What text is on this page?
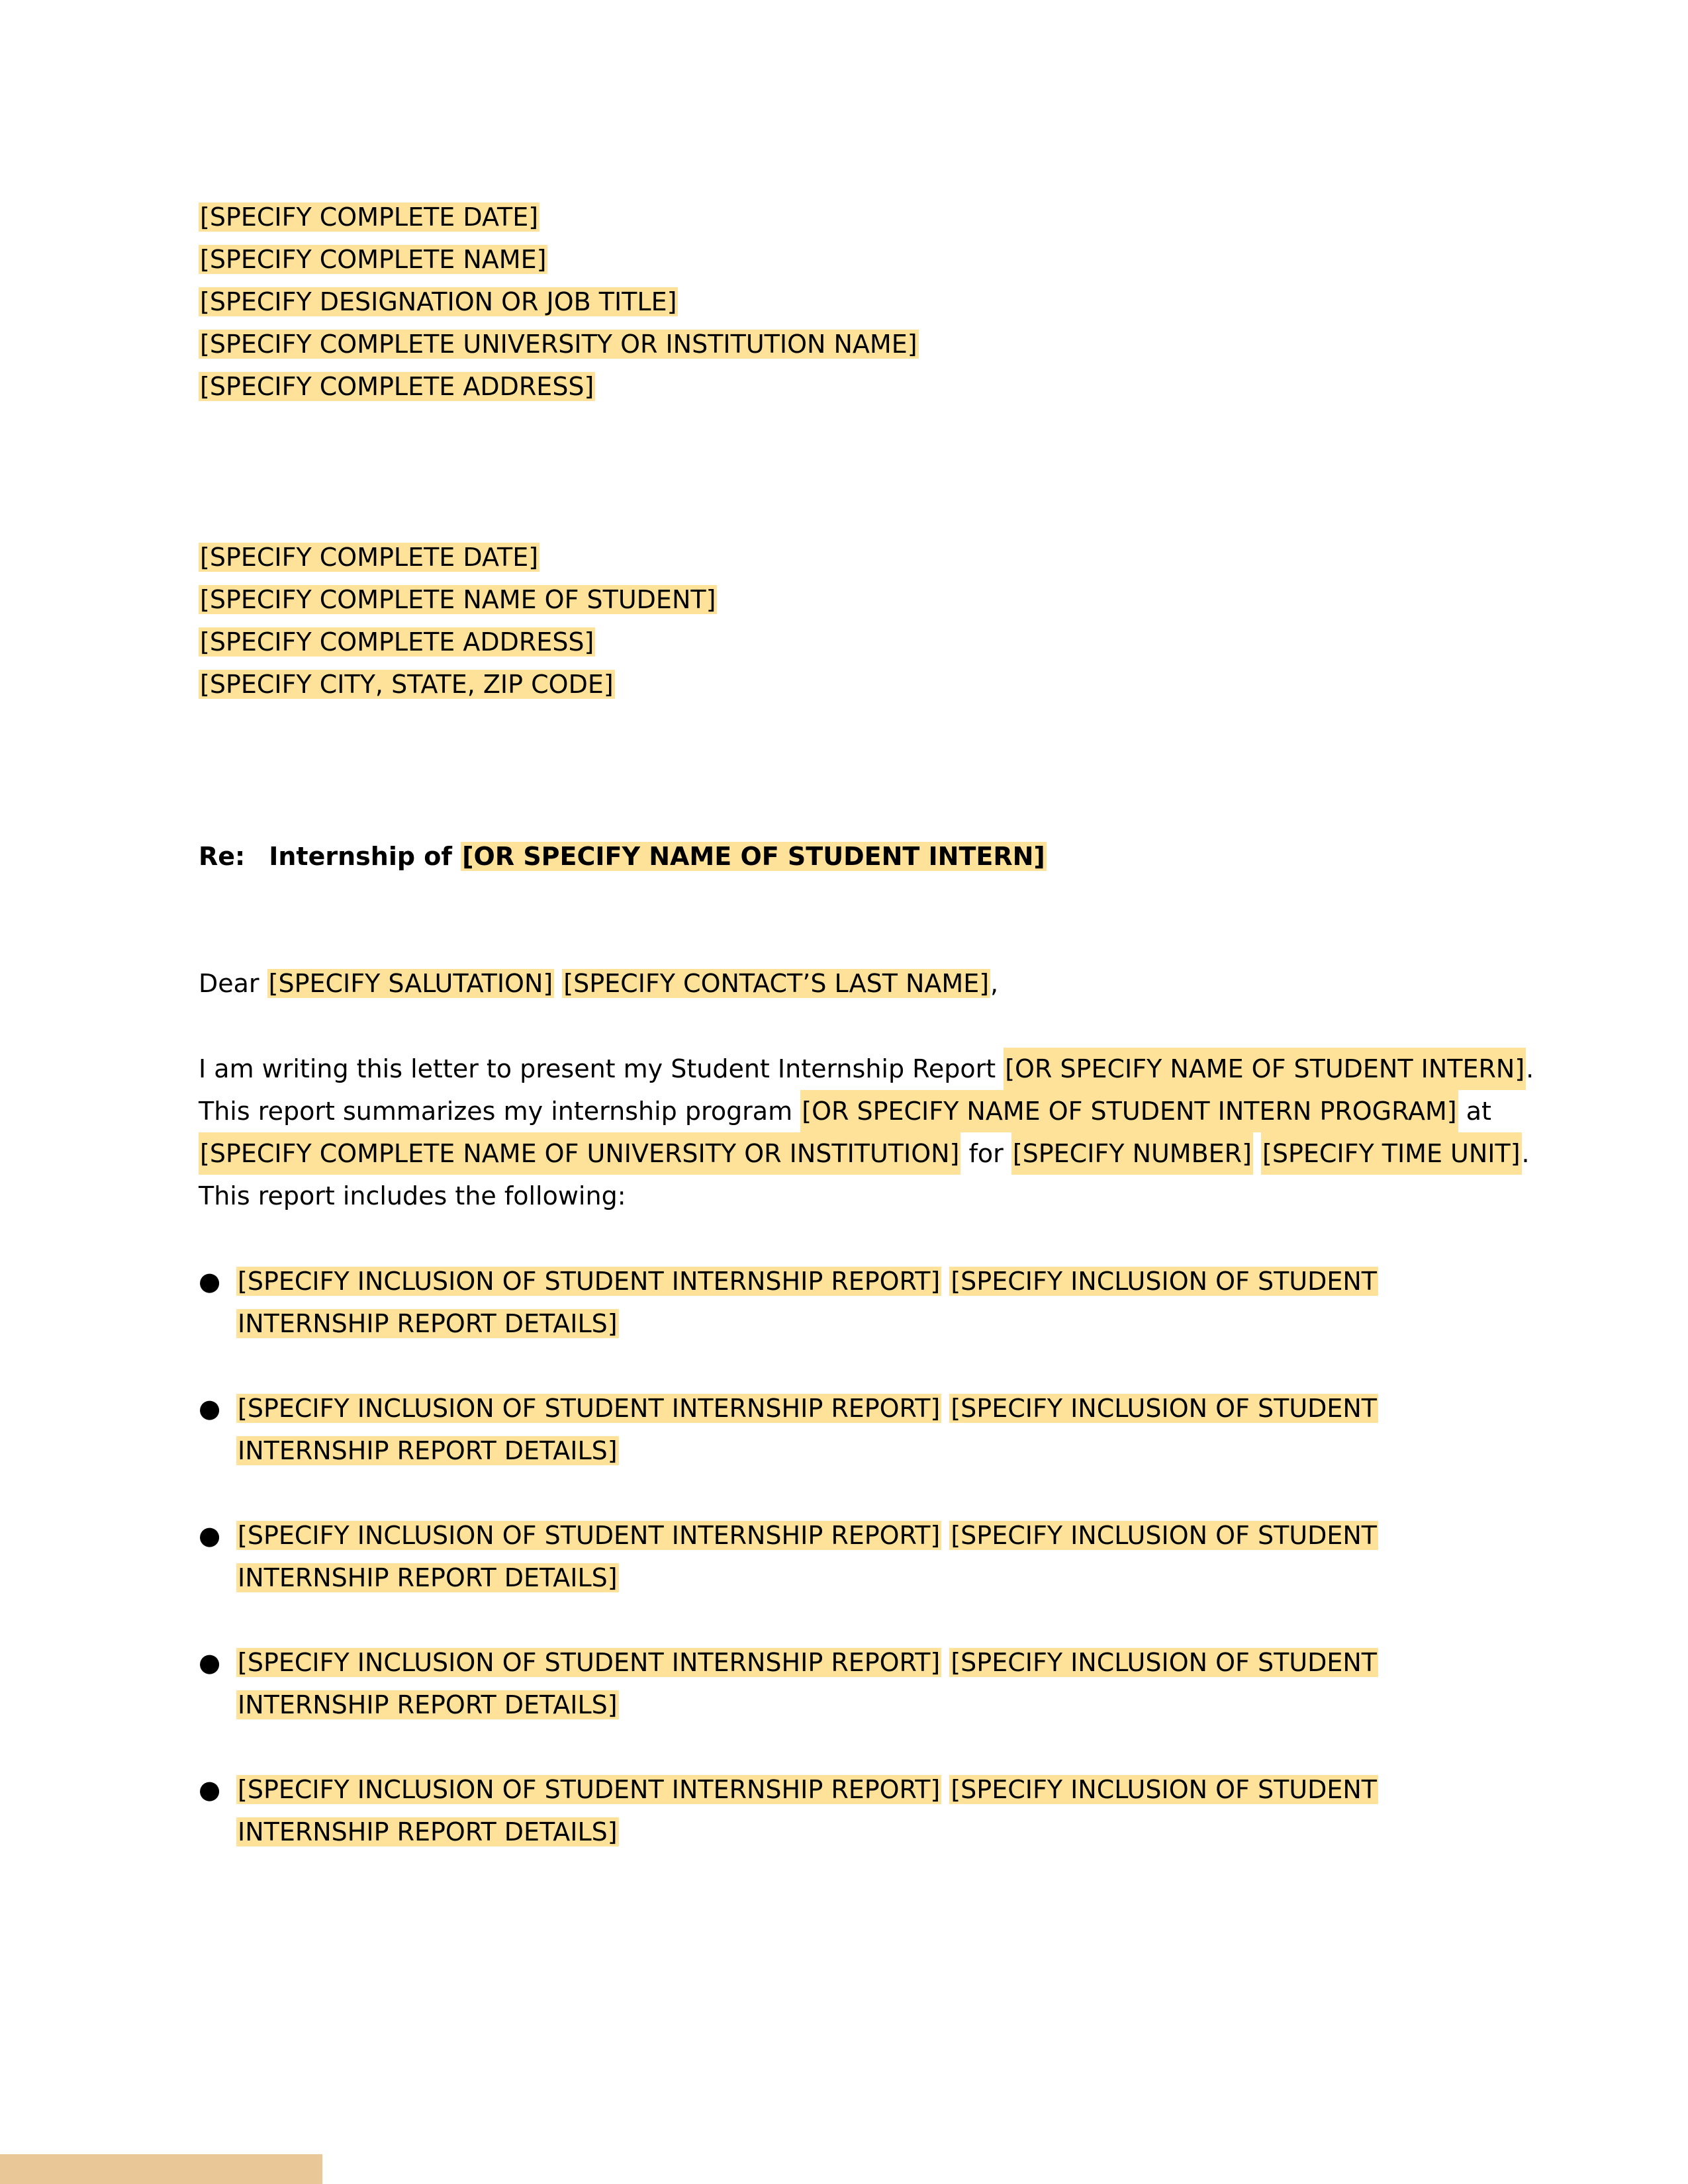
[SPECIFY COMPLETE DATE]
[SPECIFY COMPLETE NAME]
[SPECIFY DESIGNATION OR JOB TITLE]
[SPECIFY COMPLETE UNIVERSITY OR INSTITUTION NAME]
[SPECIFY COMPLETE ADDRESS]
[SPECIFY COMPLETE DATE]
[SPECIFY COMPLETE NAME OF STUDENT]
[SPECIFY COMPLETE ADDRESS]
[SPECIFY CITY, STATE, ZIP CODE]
Re: Internship of [OR SPECIFY NAME OF STUDENT INTERN]
Dear [SPECIFY SALUTATION] [SPECIFY CONTACT’S LAST NAME],
I am writing this letter to present my Student Internship Report [OR SPECIFY NAME OF STUDENT INTERN] .
This report summarizes my internship program [OR SPECIFY NAME OF STUDENT INTERN PROGRAM] at
[SPECIFY COMPLETE NAME OF UNIVERSITY OR INSTITUTION] for [SPECIFY NUMBER]
[SPECIFY TIME UNIT] .
This report includes the following:
● [SPECIFY INCLUSION OF STUDENT INTERNSHIP REPORT] [SPECIFY INCLUSION OF STUDENT
INTERNSHIP REPORT DETAILS]
● [SPECIFY INCLUSION OF STUDENT INTERNSHIP REPORT] [SPECIFY INCLUSION OF STUDENT
INTERNSHIP REPORT DETAILS]
● [SPECIFY INCLUSION OF STUDENT INTERNSHIP REPORT] [SPECIFY INCLUSION OF STUDENT
INTERNSHIP REPORT DETAILS]
● [SPECIFY INCLUSION OF STUDENT INTERNSHIP REPORT] [SPECIFY INCLUSION OF STUDENT
INTERNSHIP REPORT DETAILS]
● [SPECIFY INCLUSION OF STUDENT INTERNSHIP REPORT] [SPECIFY INCLUSION OF STUDENT
INTERNSHIP REPORT DETAILS]
